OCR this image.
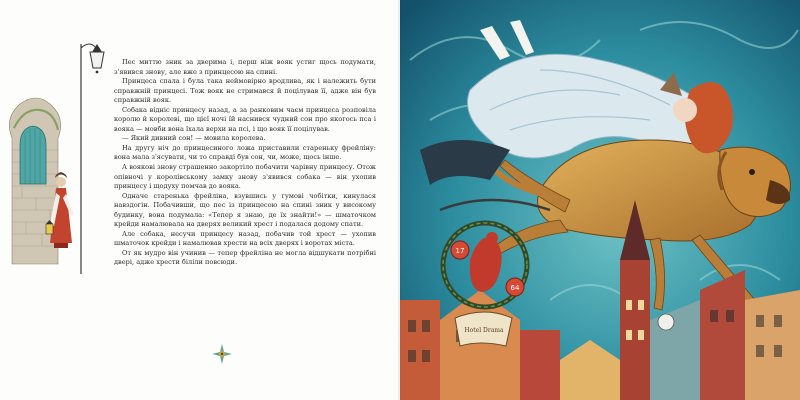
Пес миттю зник за дверима і, перш ніж вояк устиг щось подумати, з'явився знову, але вже з принцесою на спині.

Принцеса спала і була така неймовірно вродлива, як і належить бути справжній принцесі. Тож вояк не стримався й поцілував її, адже він був справжній вояк.

Собака відніс принцесу назад, а за ранковим чаєм принцеса розповіла королю й королеві, що цієї ночі їй наснився чудний сон про якогось пса і вояка — мовби вона їхала верхи на псі, і що вояк її поцілував.

— Який дивний сон! — мовила королева.

На другу ніч до принцесиного ложа приставили стареньку фрейліну: вона мала з'ясувати, чи то справді був сон, чи, може, щось інше.

А воякові знову страшенно закортіло побачити чарівну принцесу. Отож опівночі у королівському замку знову з'явився собака — він ухопив принцесу і щодуху помчав до вояка.

Одначе старенька фрейліна, взувшись у гумові чобітки, кинулася навздогін. Побачивши, що пес із принцесою на спині зник у високому будинку, вона подумала: «Тепер я знаю, де їх знайти!» — шматочком крейди намалювала на дверях великий хрест і подалася додому спати.

Але собака, несучи принцесу назад, побачив той хрест — ухопив шматочок крейди і намалював хрести на всіх дверях і воротах міста.

От як мудро він учинив — тепер фрейліна не могла відшукати потрібні двері, адже хрести біліли повсюди.

17
64
Hotel Drama
